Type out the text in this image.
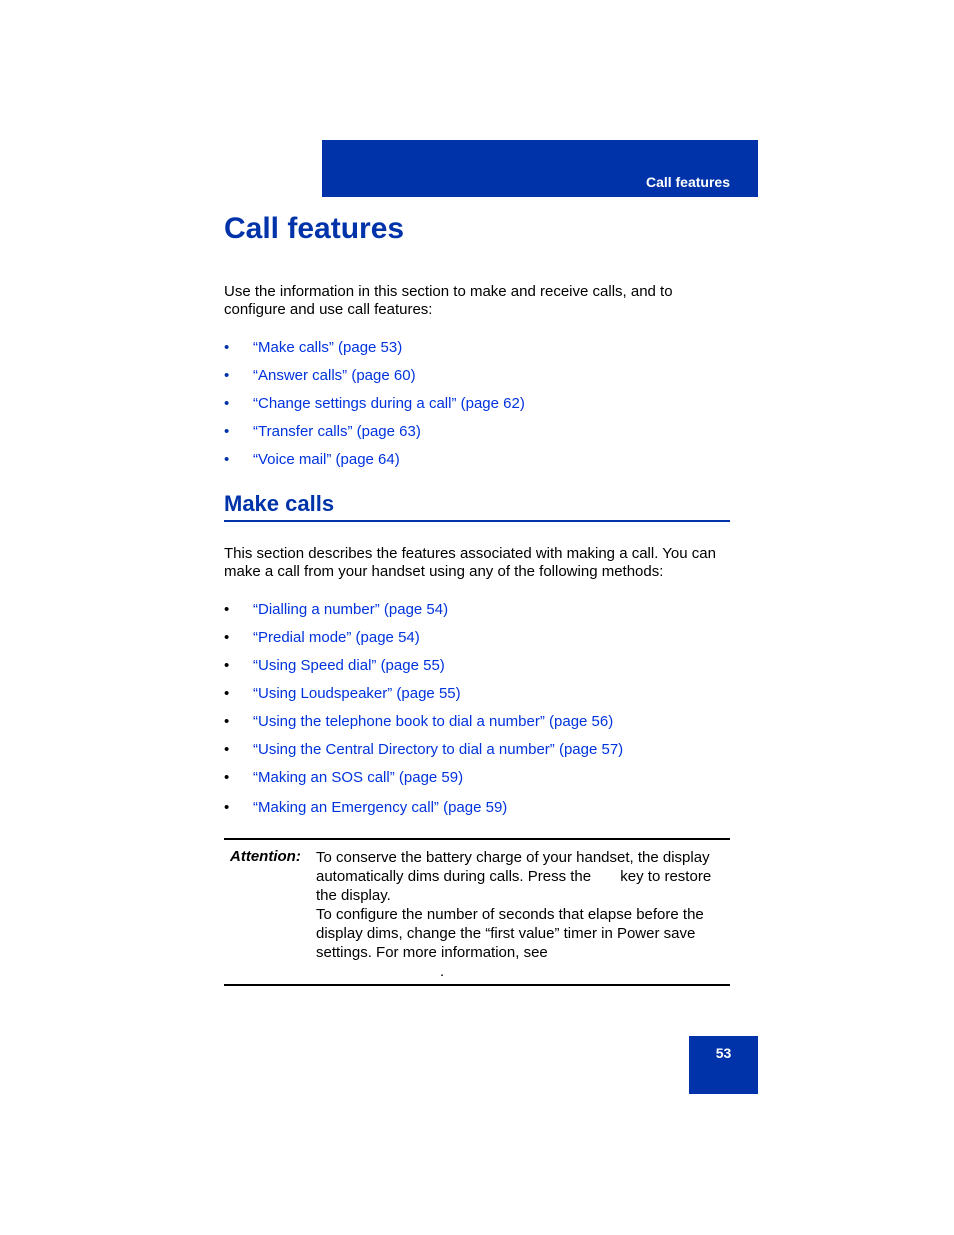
Call features
Call features

Use the information in this section to make and receive calls, and to configure and use call features:

• “Make calls” (page 53)
• “Answer calls” (page 60)
• “Change settings during a call” (page 62)
• “Transfer calls” (page 63)
• “Voice mail” (page 64)
Make calls

This section describes the features associated with making a call. You can make a call from your handset using any of the following methods:

• “Dialling a number” (page 54)
• “Predial mode” (page 54)
• “Using Speed dial” (page 55)
• “Using Loudspeaker” (page 55)
• “Using the telephone book to dial a number” (page 56)
• “Using the Central Directory to dial a number” (page 57)
• “Making an SOS call” (page 59)
• “Making an Emergency call” (page 59)
Attention: To conserve the battery charge of your handset, the display automatically dims during calls. Press the       key to restore the display.

To configure the number of seconds that elapse before the display dims, change the “first value” timer in Power save settings. For more information, see

.

53
